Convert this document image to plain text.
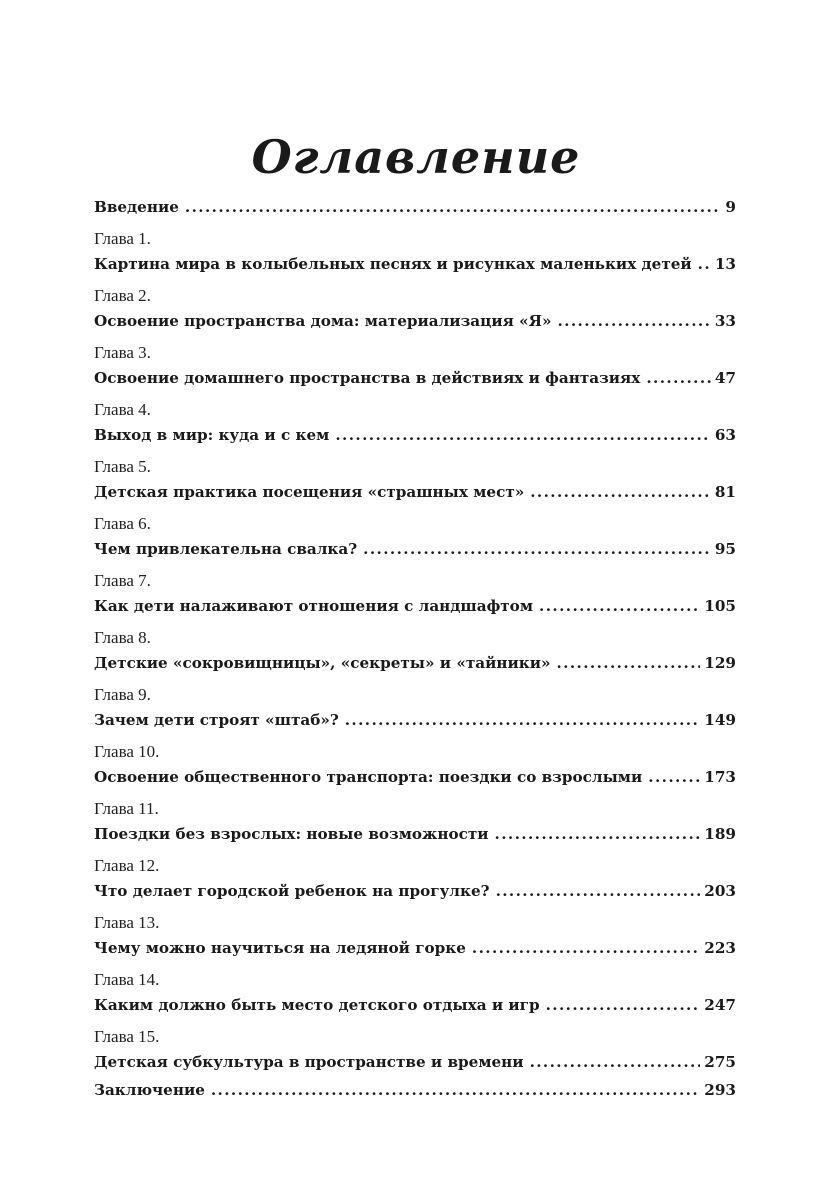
Оглавление
Введение .....	9
Глава 1.
Картина мира в колыбельных песнях и рисунках маленьких детей .....	13
Глава 2.
Освоение пространства дома: материализация «Я» .....	33
Глава 3.
Освоение домашнего пространства в действиях и фантазиях .....	47
Глава 4.
Выход в мир: куда и с кем .....	63
Глава 5.
Детская практика посещения «страшных мест» .....	81
Глава 6.
Чем привлекательна свалка? .....	95
Глава 7.
Как дети налаживают отношения с ландшафтом .....	105
Глава 8.
Детские «сокровищницы», «секреты» и «тайники» .....	129
Глава 9.
Зачем дети строят «штаб»? .....	149
Глава 10.
Освоение общественного транспорта: поездки со взрослыми .....	173
Глава 11.
Поездки без взрослых: новые возможности .....	189
Глава 12.
Что делает городской ребенок на прогулке? .....	203
Глава 13.
Чему можно научиться на ледяной горке .....	223
Глава 14.
Каким должно быть место детского отдыха и игр .....	247
Глава 15.
Детская субкультура в пространстве и времени .....	275
Заключение .....	293
